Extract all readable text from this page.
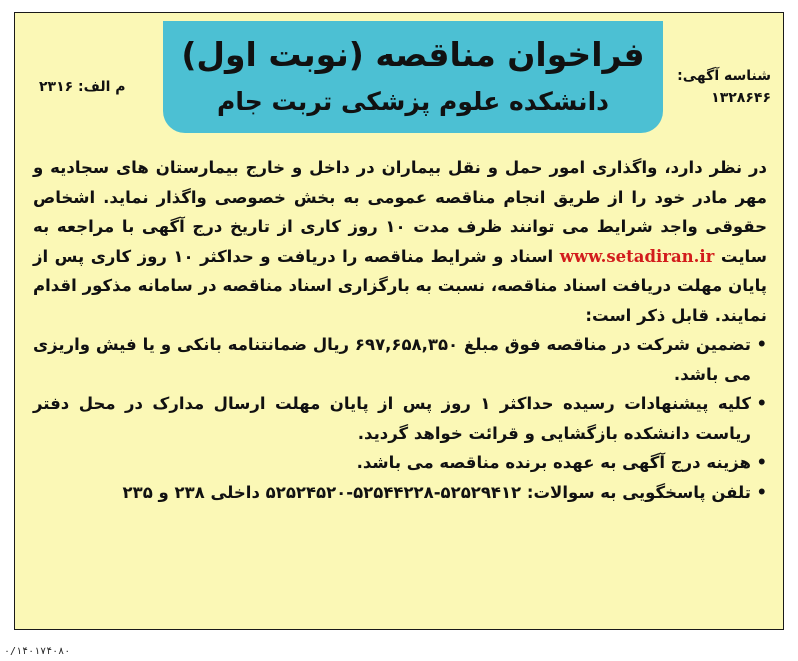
فراخوان مناقصه (نوبت اول)
دانشکده علوم پزشکی تربت جام
شناسه آگهی:
۱۳۲۸۶۴۶
م الف: ۲۳۱۶

در نظر دارد، واگذاری امور حمل و نقل بیماران در داخل و خارج بیمارستان های سجادیه و مهر مادر خود را از طریق انجام مناقصه عمومی به بخش خصوصی واگذار نماید. اشخاص حقوقی واجد شرایط می توانند ظرف مدت ۱۰ روز کاری از تاریخ درج آگهی با مراجعه به سایت www.setadiran.ir اسناد و شرایط مناقصه را دریافت و حداکثر ۱۰ روز کاری پس از پایان مهلت دریافت اسناد مناقصه، نسبت به بارگزاری اسناد مناقصه در سامانه مذکور اقدام نمایند. قابل ذکر است:

• تضمین شرکت در مناقصه فوق مبلغ ۶۹۷,۶۵۸,۳۵۰ ریال ضمانتنامه بانکی و یا فیش واریزی می باشد.
• کلیه پیشنهادات رسیده حداکثر ۱ روز پس از پایان مهلت ارسال مدارک در محل دفتر ریاست دانشکده بازگشایی و قرائت خواهد گردید.
• هزینه درج آگهی به عهده برنده مناقصه می باشد.
• تلفن پاسخگویی به سوالات: ۵۲۵۲۹۴۱۲-۵۲۵۴۴۲۲۸-۵۲۵۲۴۵۲۰ داخلی ۲۳۸ و ۲۳۵
۰/۱۴۰۱۷۴۰۸۰
